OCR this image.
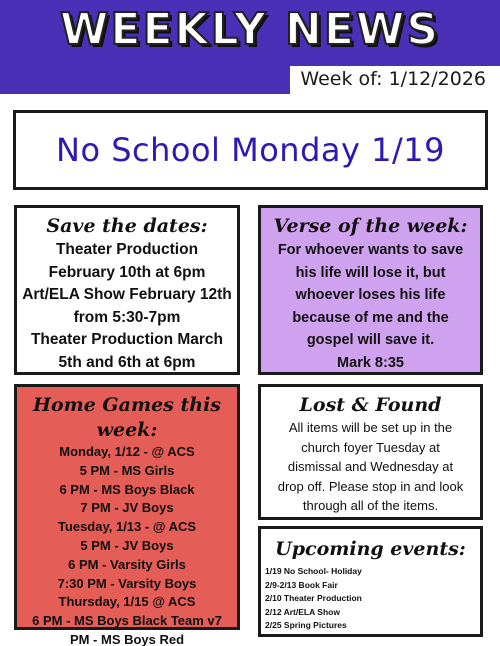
WEEKLY NEWS
Week of: 1/12/2026
No School Monday 1/19
Save the dates:
Theater Production
February 10th at 6pm
Art/ELA Show February 12th
from 5:30-7pm
Theater Production March
5th and 6th at 6pm
Verse of the week:
For whoever wants to save
his life will lose it, but
whoever loses his life
because of me and the
gospel will save it.
Mark 8:35
Home Games this week:
Monday, 1/12 - @ ACS
5 PM - MS Girls
6 PM - MS Boys Black
7 PM - JV Boys
Tuesday, 1/13 - @ ACS
5 PM - JV Boys
6 PM - Varsity Girls
7:30 PM - Varsity Boys
Thursday, 1/15 @ ACS
6 PM - MS Boys Black Team v7
PM - MS Boys Red
Lost & Found
All items will be set up in the
church foyer Tuesday at
dismissal and Wednesday at
drop off. Please stop in and look
through all of the items.
Upcoming events:
1/19 No School- Holiday
2/9-2/13 Book Fair
2/10 Theater Production
2/12 Art/ELA Show
2/25 Spring Pictures
